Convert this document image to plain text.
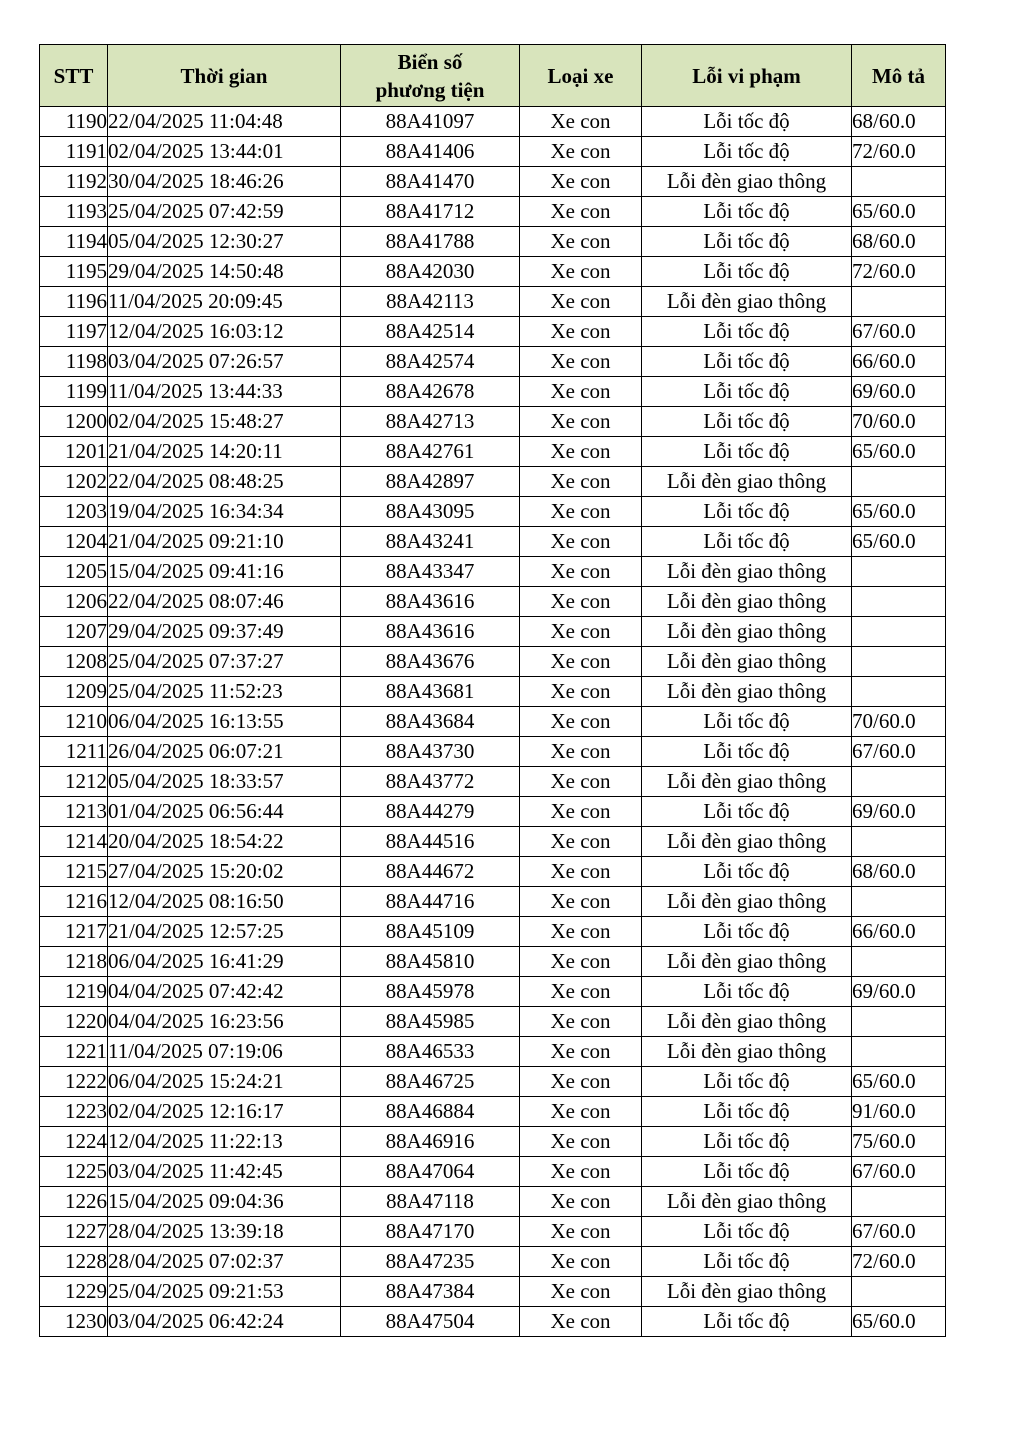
STT	Thời gian	Biển số
phương tiện	Loại xe	Lỗi vi phạm	Mô tả
1190	22/04/2025 11:04:48	88A41097	Xe con	Lỗi tốc độ	68/60.0
1191	02/04/2025 13:44:01	88A41406	Xe con	Lỗi tốc độ	72/60.0
1192	30/04/2025 18:46:26	88A41470	Xe con	Lỗi đèn giao thông	
1193	25/04/2025 07:42:59	88A41712	Xe con	Lỗi tốc độ	65/60.0
1194	05/04/2025 12:30:27	88A41788	Xe con	Lỗi tốc độ	68/60.0
1195	29/04/2025 14:50:48	88A42030	Xe con	Lỗi tốc độ	72/60.0
1196	11/04/2025 20:09:45	88A42113	Xe con	Lỗi đèn giao thông	
1197	12/04/2025 16:03:12	88A42514	Xe con	Lỗi tốc độ	67/60.0
1198	03/04/2025 07:26:57	88A42574	Xe con	Lỗi tốc độ	66/60.0
1199	11/04/2025 13:44:33	88A42678	Xe con	Lỗi tốc độ	69/60.0
1200	02/04/2025 15:48:27	88A42713	Xe con	Lỗi tốc độ	70/60.0
1201	21/04/2025 14:20:11	88A42761	Xe con	Lỗi tốc độ	65/60.0
1202	22/04/2025 08:48:25	88A42897	Xe con	Lỗi đèn giao thông	
1203	19/04/2025 16:34:34	88A43095	Xe con	Lỗi tốc độ	65/60.0
1204	21/04/2025 09:21:10	88A43241	Xe con	Lỗi tốc độ	65/60.0
1205	15/04/2025 09:41:16	88A43347	Xe con	Lỗi đèn giao thông	
1206	22/04/2025 08:07:46	88A43616	Xe con	Lỗi đèn giao thông	
1207	29/04/2025 09:37:49	88A43616	Xe con	Lỗi đèn giao thông	
1208	25/04/2025 07:37:27	88A43676	Xe con	Lỗi đèn giao thông	
1209	25/04/2025 11:52:23	88A43681	Xe con	Lỗi đèn giao thông	
1210	06/04/2025 16:13:55	88A43684	Xe con	Lỗi tốc độ	70/60.0
1211	26/04/2025 06:07:21	88A43730	Xe con	Lỗi tốc độ	67/60.0
1212	05/04/2025 18:33:57	88A43772	Xe con	Lỗi đèn giao thông	
1213	01/04/2025 06:56:44	88A44279	Xe con	Lỗi tốc độ	69/60.0
1214	20/04/2025 18:54:22	88A44516	Xe con	Lỗi đèn giao thông	
1215	27/04/2025 15:20:02	88A44672	Xe con	Lỗi tốc độ	68/60.0
1216	12/04/2025 08:16:50	88A44716	Xe con	Lỗi đèn giao thông	
1217	21/04/2025 12:57:25	88A45109	Xe con	Lỗi tốc độ	66/60.0
1218	06/04/2025 16:41:29	88A45810	Xe con	Lỗi đèn giao thông	
1219	04/04/2025 07:42:42	88A45978	Xe con	Lỗi tốc độ	69/60.0
1220	04/04/2025 16:23:56	88A45985	Xe con	Lỗi đèn giao thông	
1221	11/04/2025 07:19:06	88A46533	Xe con	Lỗi đèn giao thông	
1222	06/04/2025 15:24:21	88A46725	Xe con	Lỗi tốc độ	65/60.0
1223	02/04/2025 12:16:17	88A46884	Xe con	Lỗi tốc độ	91/60.0
1224	12/04/2025 11:22:13	88A46916	Xe con	Lỗi tốc độ	75/60.0
1225	03/04/2025 11:42:45	88A47064	Xe con	Lỗi tốc độ	67/60.0
1226	15/04/2025 09:04:36	88A47118	Xe con	Lỗi đèn giao thông	
1227	28/04/2025 13:39:18	88A47170	Xe con	Lỗi tốc độ	67/60.0
1228	28/04/2025 07:02:37	88A47235	Xe con	Lỗi tốc độ	72/60.0
1229	25/04/2025 09:21:53	88A47384	Xe con	Lỗi đèn giao thông	
1230	03/04/2025 06:42:24	88A47504	Xe con	Lỗi tốc độ	65/60.0
